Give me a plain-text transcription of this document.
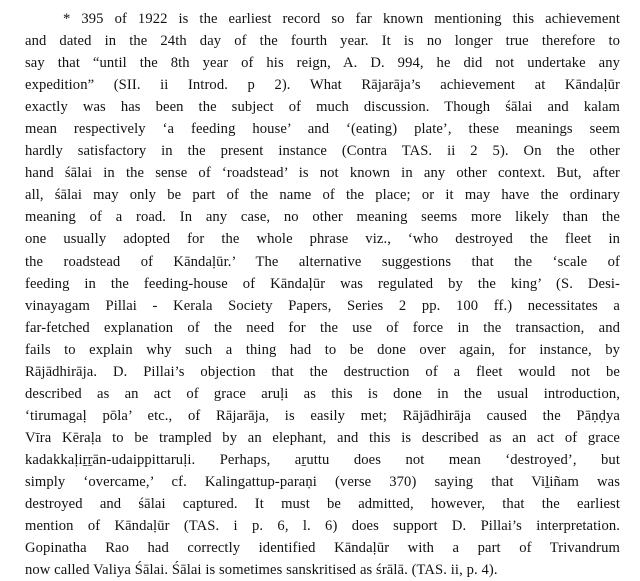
* 395 of 1922 is the earliest record so far known mentioning this achievement
and dated in the 24th day of the fourth year. It is no longer true therefore to
say that “until the 8th year of his reign, A. D. 994, he did not undertake any
expedition” (SII. ii Introd. p 2). What Rājarāja’s achievement at Kāndaḷūr
exactly was has been the subject of much discussion. Though śālai and kalam
mean respectively ‘a feeding house’ and ‘(eating) plate’, these meanings seem
hardly satisfactory in the present instance (Contra TAS. ii 2 5). On the other
hand śālai in the sense of ‘roadstead’ is not known in any other context. But, after
all, śālai may only be part of the name of the place; or it may have the ordinary
meaning of a road. In any case, no other meaning seems more likely than the
one usually adopted for the whole phrase viz., ‘who destroyed the fleet in
the roadstead of Kāndaḷūr.’ The alternative suggestions that the ‘scale of
feeding in the feeding-house of Kāndaḷūr was regulated by the king’ (S. Desi-
vinayagam Pillai - Kerala Society Papers, Series 2 pp. 100 ff.) necessitates a
far-fetched explanation of the need for the use of force in the transaction, and
fails to explain why such a thing had to be done over again, for instance, by
Rājādhirāja. D. Pillai’s objection that the destruction of a fleet would not be
described as an act of grace aruḷi as this is done in the usual introduction,
‘tirumagaḷ pōla’ etc., of Rājarāja, is easily met; Rājādhirāja caused the Pāṇḍya
Vīra Kēraḷa to be trampled by an elephant, and this is described as an act of grace
kadakkaḷiṟṟān-udaippittaruḷi. Perhaps, aṟuttu does not mean ‘destroyed’, but
simply ‘overcame,’ cf. Kalingattup-paraṇi (verse 370) saying that Viḻiñam was
destroyed and śālai captured. It must be admitted, however, that the earliest
mention of Kāndaḷūr (TAS. i p. 6, l. 6) does support D. Pillai’s interpretation.
Gopinatha Rao had correctly identified Kāndaḷūr with a part of Trivandrum
now called Valiya Śālai. Śālai is sometimes sanskritised as śrālā. (TAS. ii, p. 4).
